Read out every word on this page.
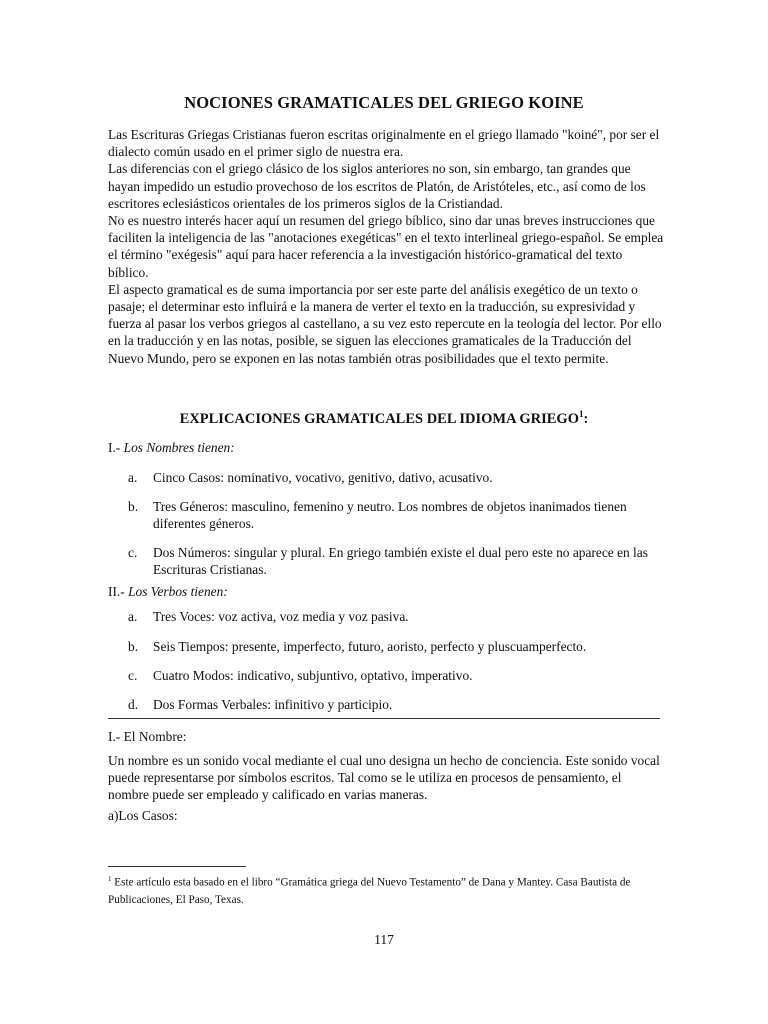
NOCIONES GRAMATICALES DEL GRIEGO KOINE

Las Escrituras Griegas Cristianas fueron escritas originalmente en el griego llamado "koiné", por ser el dialecto común usado en el primer siglo de nuestra era.

Las diferencias con el griego clásico de los siglos anteriores no son, sin embargo, tan grandes que hayan impedido un estudio provechoso de los escritos de Platón, de Aristóteles, etc., así como de los escritores eclesiásticos orientales de los primeros siglos de la Cristiandad.

No es nuestro interés hacer aquí un resumen del griego bíblico, sino dar unas breves instrucciones que faciliten la inteligencia de las "anotaciones exegéticas" en el texto interlineal griego-español. Se emplea el término "exégesis" aquí para hacer referencia a la investigación histórico-gramatical del texto bíblico.

El aspecto gramatical es de suma importancia por ser este parte del análisis exegético de un texto o pasaje; el determinar esto influirá e la manera de verter el texto en la traducción, su expresividad y fuerza al pasar los verbos griegos al castellano, a su vez esto repercute en la teología del lector. Por ello en la traducción y en las notas, posible, se siguen las elecciones gramaticales de la Traducción del Nuevo Mundo, pero se exponen en las notas también otras posibilidades que el texto permite.

EXPLICACIONES GRAMATICALES DEL IDIOMA GRIEGO$^1$:
I.- Los Nombres tienen:
a. Cinco Casos: nominativo, vocativo, genitivo, dativo, acusativo.
b. Tres Géneros: masculino, femenino y neutro. Los nombres de objetos inanimados tienen diferentes géneros.
c. Dos Números: singular y plural. En griego también existe el dual pero este no aparece en las Escrituras Cristianas.
II.- Los Verbos tienen:
a. Tres Voces: voz activa, voz media y voz pasiva.
b. Seis Tiempos: presente, imperfecto, futuro, aoristo, perfecto y pluscuamperfecto.
c. Cuatro Modos: indicativo, subjuntivo, optativo, imperativo.
d. Dos Formas Verbales: infinitivo y participio.
I.- El Nombre:
Un nombre es un sonido vocal mediante el cual uno designa un hecho de conciencia. Este sonido vocal puede representarse por símbolos escritos. Tal como se le utiliza en procesos de pensamiento, el nombre puede ser empleado y calificado en varias maneras.
a)Los Casos:
$^1$ Este artículo esta basado en el libro “Gramática griega del Nuevo Testamento” de Dana y Mantey. Casa Bautista de Publicaciones, El Paso, Texas.
117
